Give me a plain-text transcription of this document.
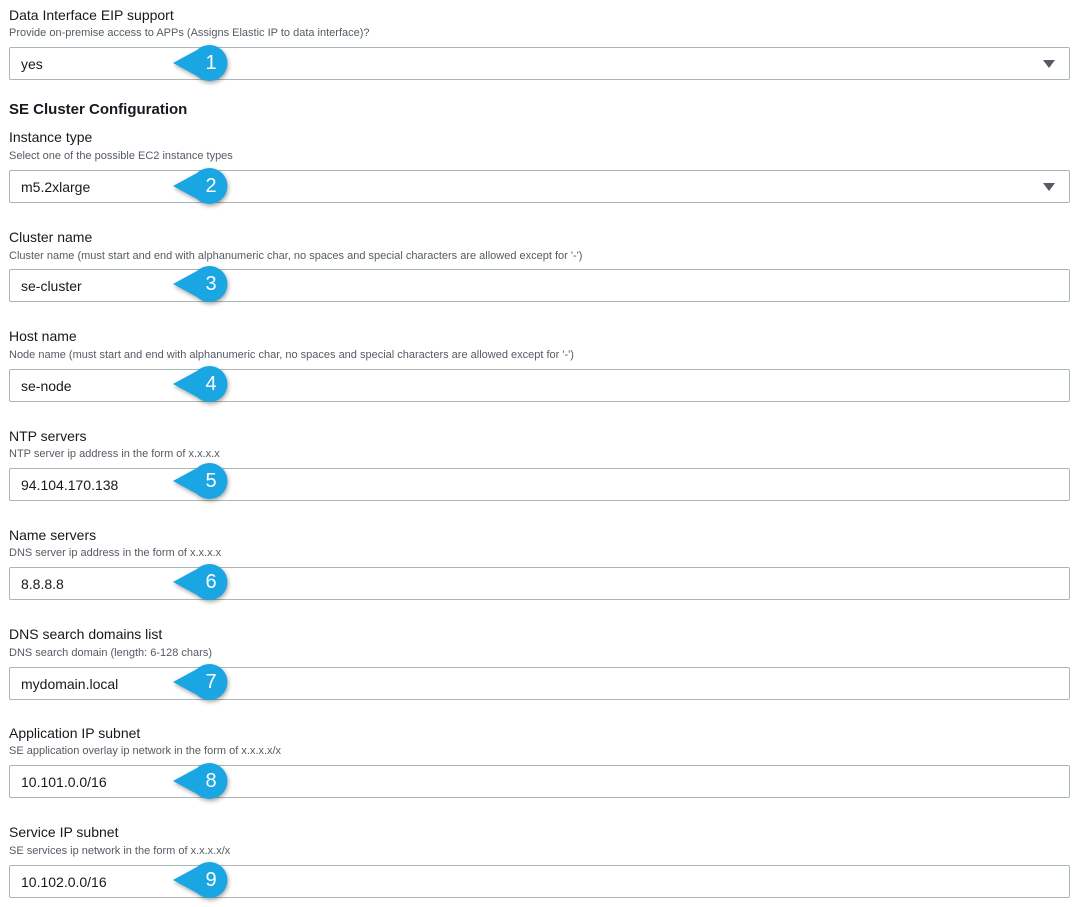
Data Interface EIP support
Provide on-premise access to APPs (Assigns Elastic IP to data interface)?
yes
SE Cluster Configuration
Instance type
Select one of the possible EC2 instance types
m5.2xlarge
Cluster name
Cluster name (must start and end with alphanumeric char, no spaces and special characters are allowed except for '-')
se-cluster
Host name
Node name (must start and end with alphanumeric char, no spaces and special characters are allowed except for '-')
se-node
NTP servers
NTP server ip address in the form of x.x.x.x
94.104.170.138
Name servers
DNS server ip address in the form of x.x.x.x
8.8.8.8
DNS search domains list
DNS search domain (length: 6-128 chars)
mydomain.local
Application IP subnet
SE application overlay ip network in the form of x.x.x.x/x
10.101.0.0/16
Service IP subnet
SE services ip network in the form of x.x.x.x/x
10.102.0.0/16
1
2
3
4
5
6
7
8
9
